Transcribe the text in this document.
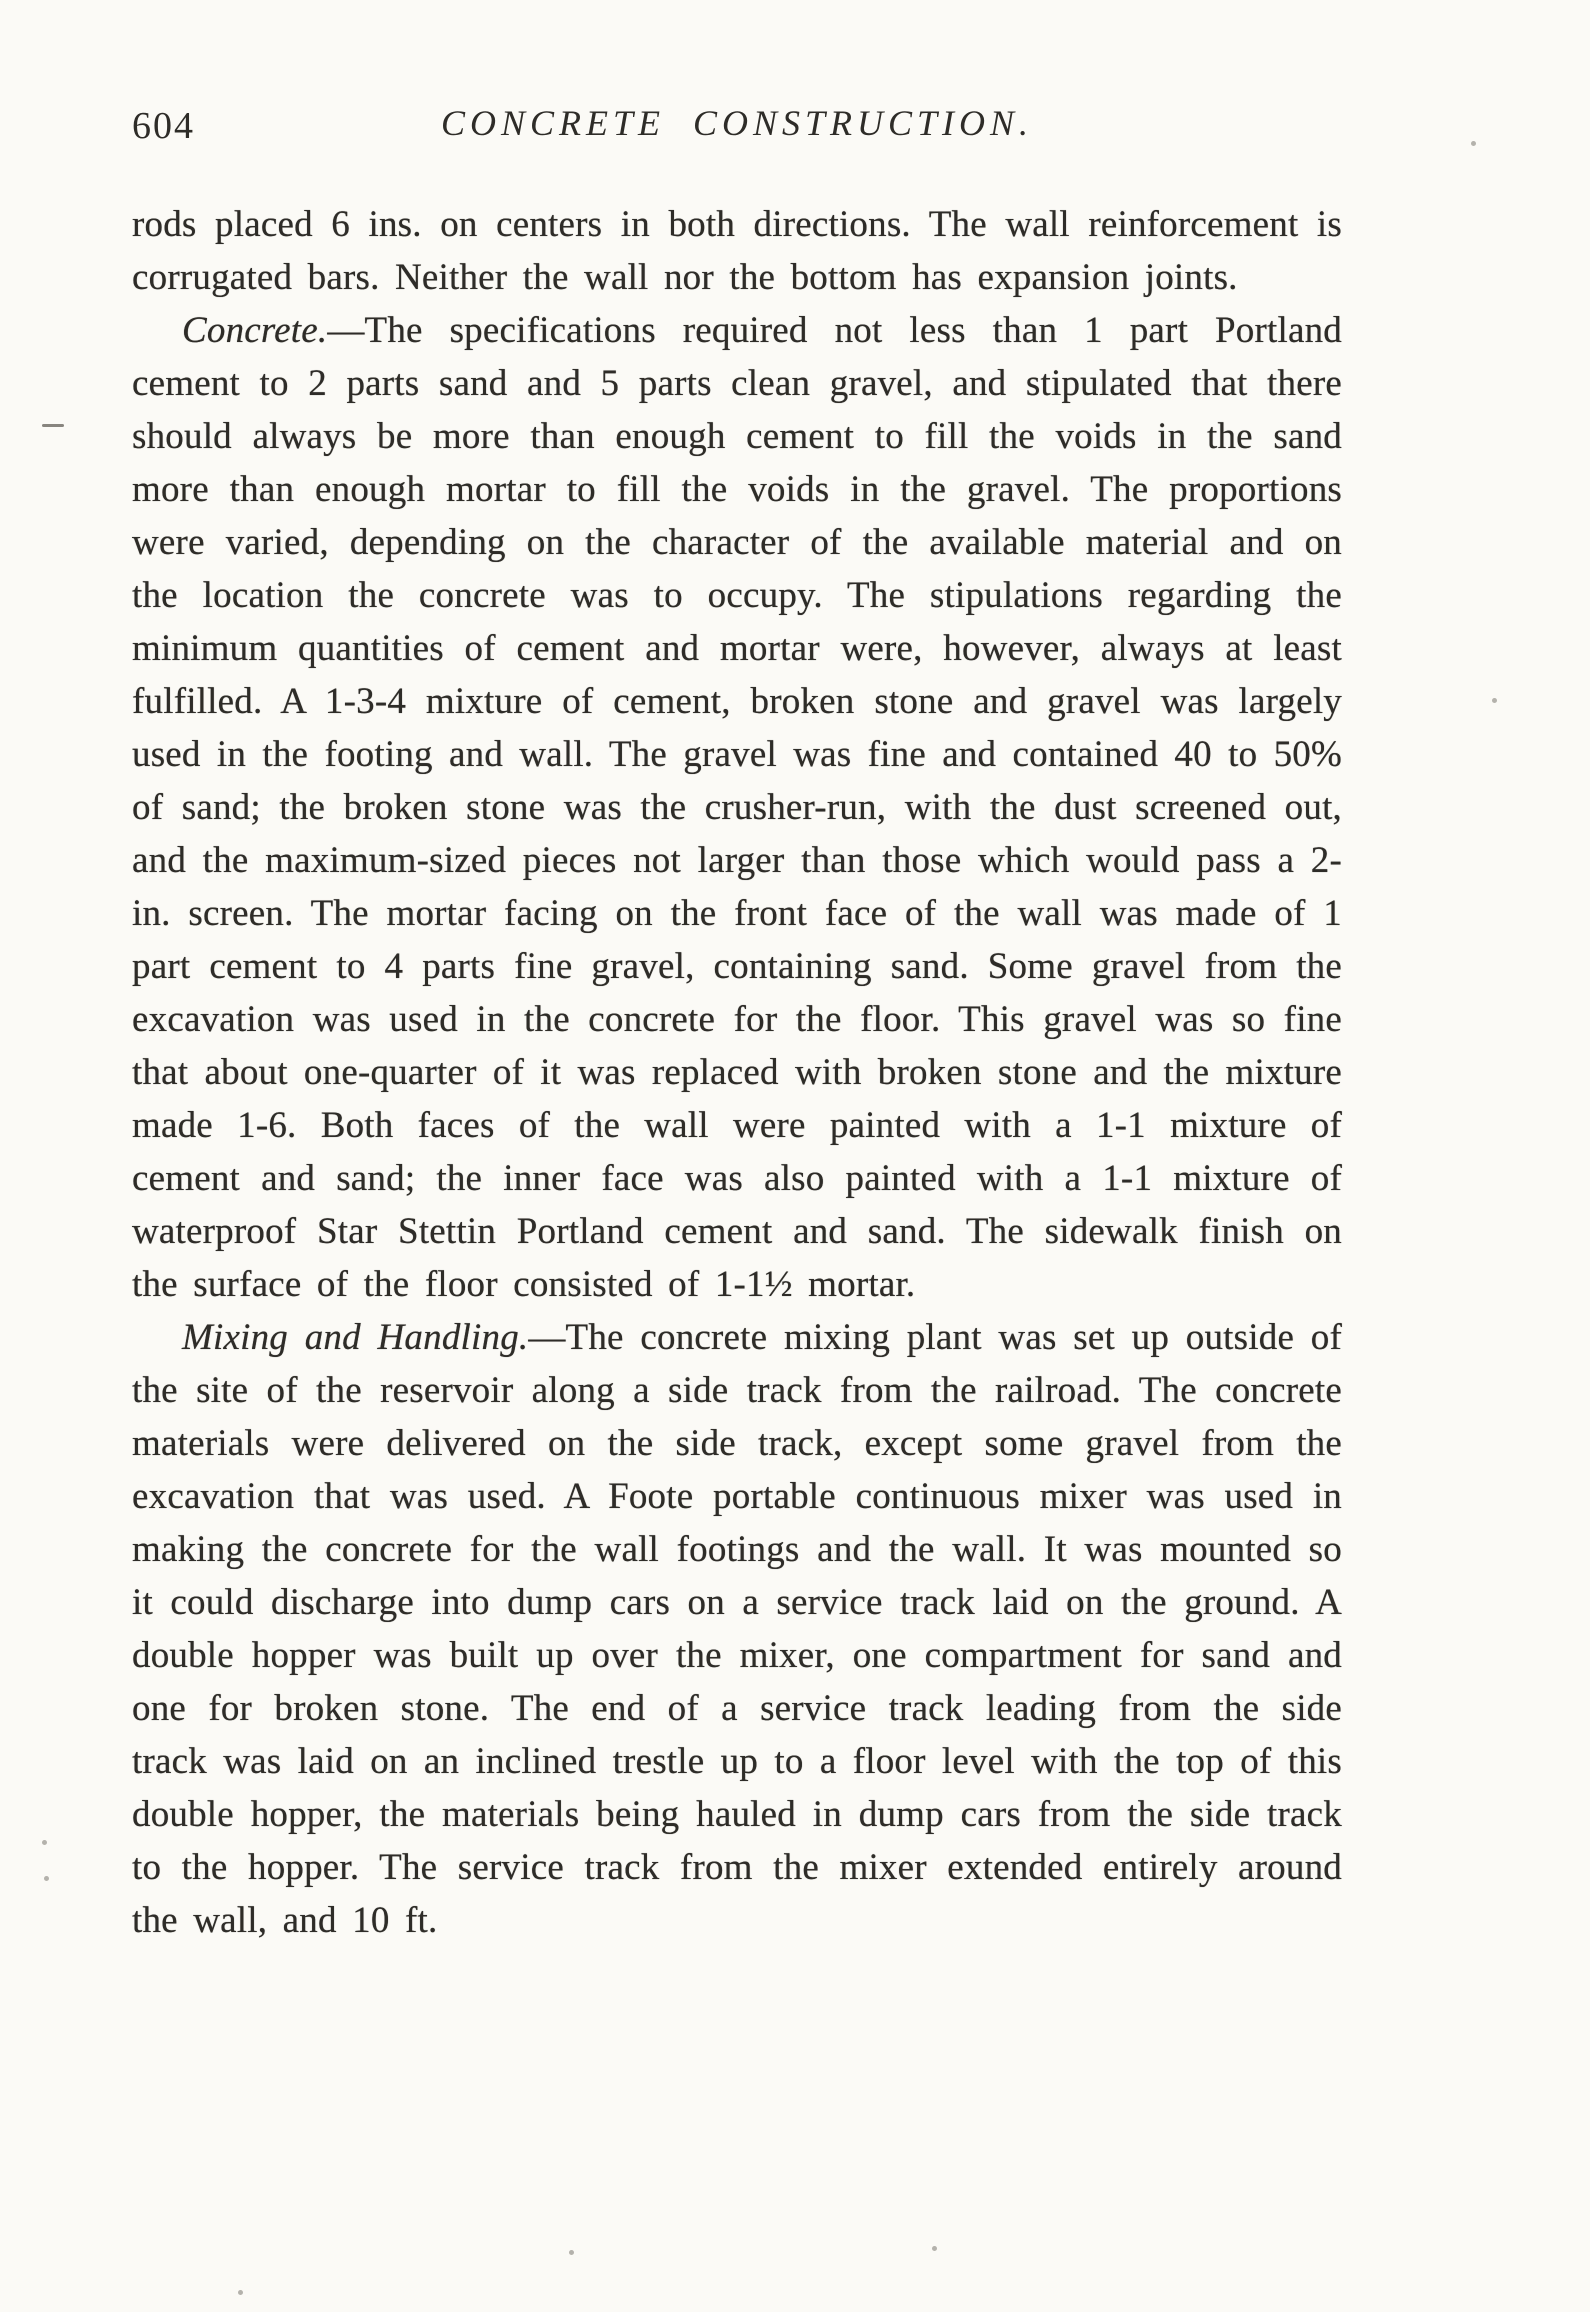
604	CONCRETE CONSTRUCTION.

rods placed 6 ins. on centers in both directions. The wall reinforcement is corrugated bars. Neither the wall nor the bottom has expansion joints.

Concrete.—The specifications required not less than 1 part Portland cement to 2 parts sand and 5 parts clean gravel, and stipulated that there should always be more than enough cement to fill the voids in the sand more than enough mortar to fill the voids in the gravel. The proportions were varied, depending on the character of the available material and on the location the concrete was to occupy. The stipulations regarding the minimum quantities of cement and mortar were, however, always at least fulfilled. A 1-3-4 mixture of cement, broken stone and gravel was largely used in the footing and wall. The gravel was fine and contained 40 to 50% of sand; the broken stone was the crusher-run, with the dust screened out, and the maximum-sized pieces not larger than those which would pass a 2-in. screen. The mortar facing on the front face of the wall was made of 1 part cement to 4 parts fine gravel, containing sand. Some gravel from the excavation was used in the concrete for the floor. This gravel was so fine that about one-quarter of it was replaced with broken stone and the mixture made 1-6. Both faces of the wall were painted with a 1-1 mixture of cement and sand; the inner face was also painted with a 1-1 mixture of waterproof Star Stettin Portland cement and sand. The sidewalk finish on the surface of the floor consisted of 1-1½ mortar.

Mixing and Handling.—The concrete mixing plant was set up outside of the site of the reservoir along a side track from the railroad. The concrete materials were delivered on the side track, except some gravel from the excavation that was used. A Foote portable continuous mixer was used in making the concrete for the wall footings and the wall. It was mounted so it could discharge into dump cars on a service track laid on the ground. A double hopper was built up over the mixer, one compartment for sand and one for broken stone. The end of a service track leading from the side track was laid on an inclined trestle up to a floor level with the top of this double hopper, the materials being hauled in dump cars from the side track to the hopper. The service track from the mixer extended entirely around the wall, and 10 ft.
